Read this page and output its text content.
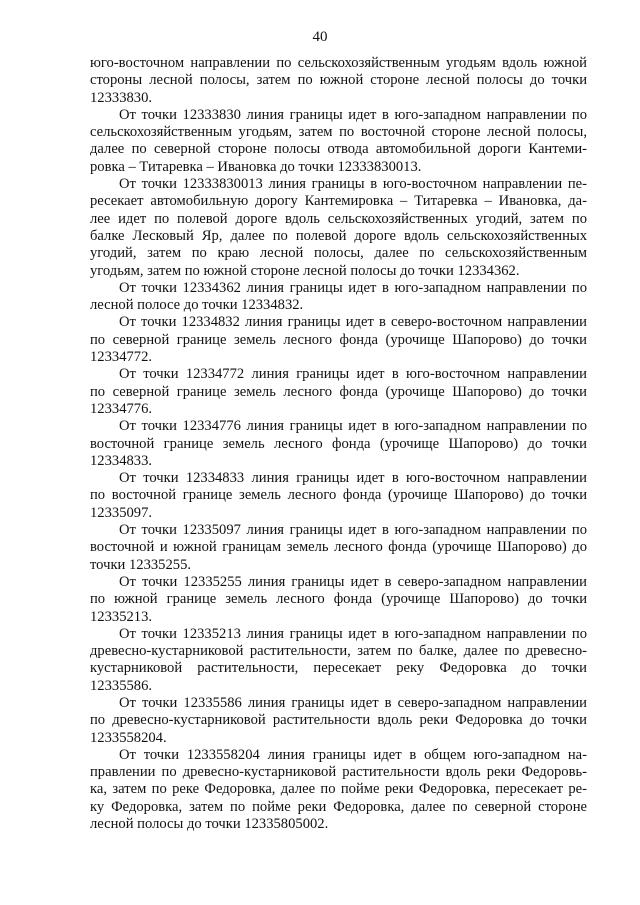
40
юго-восточном направлении по сельскохозяйственным угодьям вдоль южной
стороны лесной полосы, затем по южной стороне лесной полосы до точки
12333830.
От точки 12333830 линия границы идет в юго-западном направлении по
сельскохозяйственным угодьям, затем по восточной стороне лесной полосы,
далее по северной стороне полосы отвода автомобильной дороги Кантеми-
ровка – Титаревка – Ивановка до точки 12333830013.
От точки 12333830013 линия границы в юго-восточном направлении пе-
ресекает автомобильную дорогу Кантемировка – Титаревка – Ивановка, да-
лее идет по полевой дороге вдоль сельскохозяйственных угодий, затем по
балке Лесковый Яр, далее по полевой дороге вдоль сельскохозяйственных
угодий, затем по краю лесной полосы, далее по сельскохозяйственным
угодьям, затем по южной стороне лесной полосы до точки 12334362.
От точки 12334362 линия границы идет в юго-западном направлении по
лесной полосе до точки 12334832.
От точки 12334832 линия границы идет в северо-восточном направлении
по северной границе земель лесного фонда (урочище Шапорово) до точки
12334772.
От точки 12334772 линия границы идет в юго-восточном направлении
по северной границе земель лесного фонда (урочище Шапорово) до точки
12334776.
От точки 12334776 линия границы идет в юго-западном направлении по
восточной границе земель лесного фонда (урочище Шапорово) до точки
12334833.
От точки 12334833 линия границы идет в юго-восточном направлении
по восточной границе земель лесного фонда (урочище Шапорово) до точки
12335097.
От точки 12335097 линия границы идет в юго-западном направлении по
восточной и южной границам земель лесного фонда (урочище Шапорово) до
точки 12335255.
От точки 12335255 линия границы идет в северо-западном направлении
по южной границе земель лесного фонда (урочище Шапорово) до точки
12335213.
От точки 12335213 линия границы идет в юго-западном направлении по
древесно-кустарниковой растительности, затем по балке, далее по древесно-
кустарниковой растительности, пересекает реку Федоровка до точки
12335586.
От точки 12335586 линия границы идет в северо-западном направлении
по древесно-кустарниковой растительности вдоль реки Федоровка до точки
1233558204.
От точки 1233558204 линия границы идет в общем юго-западном на-
правлении по древесно-кустарниковой растительности вдоль реки Федоровь-
ка, затем по реке Федоровка, далее по пойме реки Федоровка, пересекает ре-
ку Федоровка, затем по пойме реки Федоровка, далее по северной стороне
лесной полосы до точки 12335805002.
